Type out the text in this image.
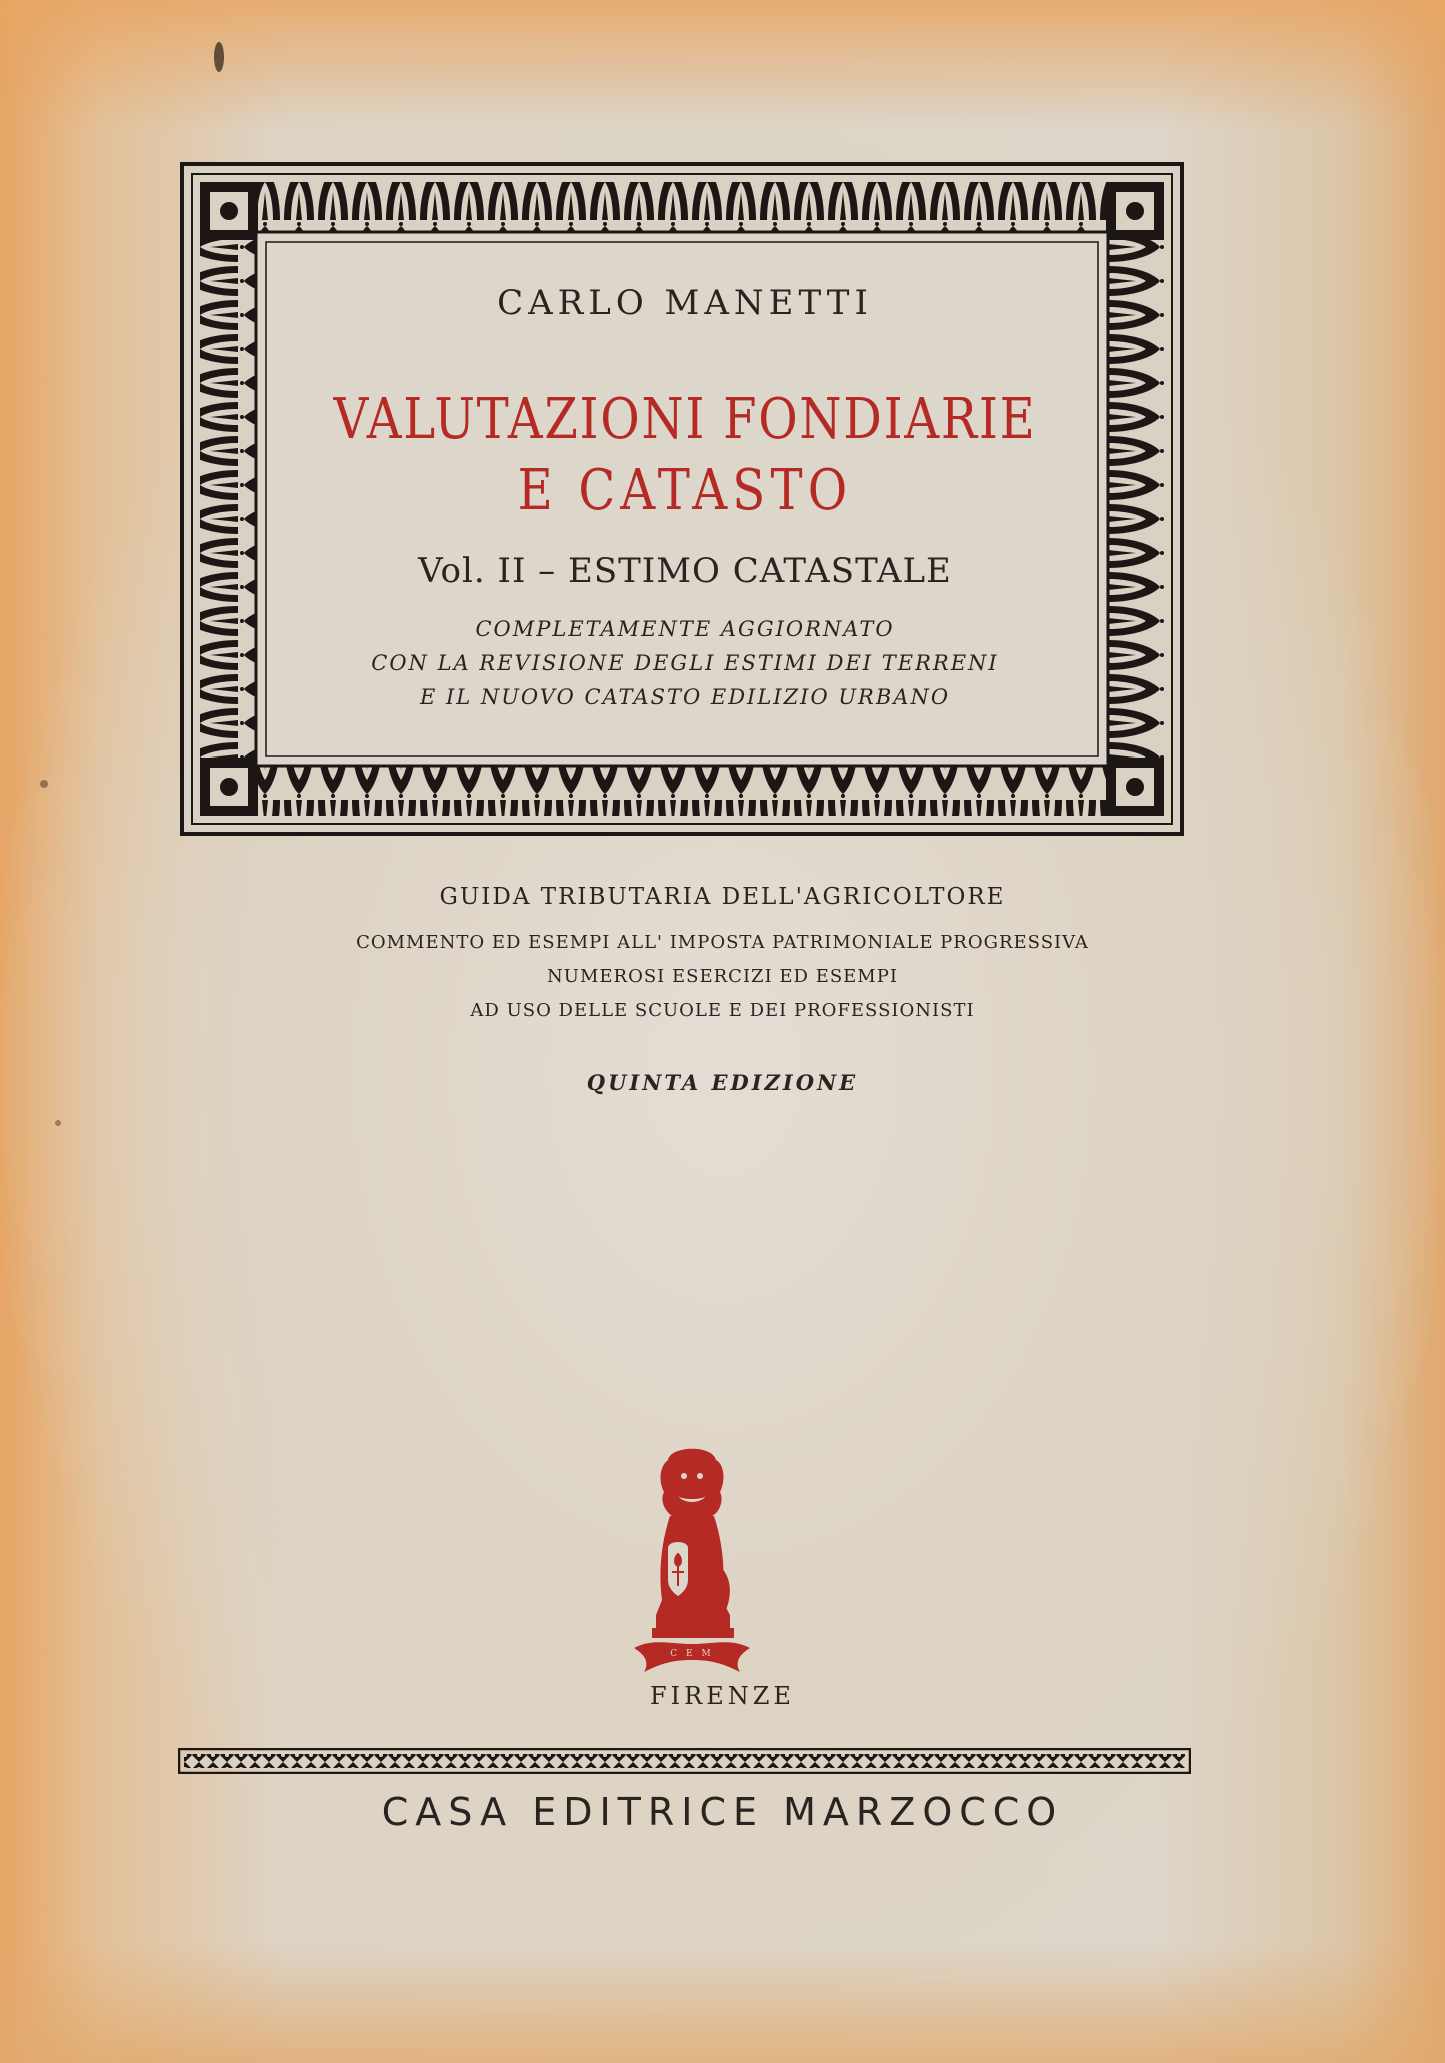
CARLO MANETTI
VALUTAZIONI FONDIARIE
E CATASTO
Vol. II – ESTIMO CATASTALE
COMPLETAMENTE AGGIORNATO
CON LA REVISIONE DEGLI ESTIMI DEI TERRENI
E IL NUOVO CATASTO EDILIZIO URBANO
GUIDA TRIBUTARIA DELL'AGRICOLTORE
COMMENTO ED ESEMPI ALL' IMPOSTA PATRIMONIALE PROGRESSIVA
NUMEROSI ESERCIZI ED ESEMPI
AD USO DELLE SCUOLE E DEI PROFESSIONISTI
QUINTA EDIZIONE
C E M
FIRENZE
CASA EDITRICE MARZOCCO
